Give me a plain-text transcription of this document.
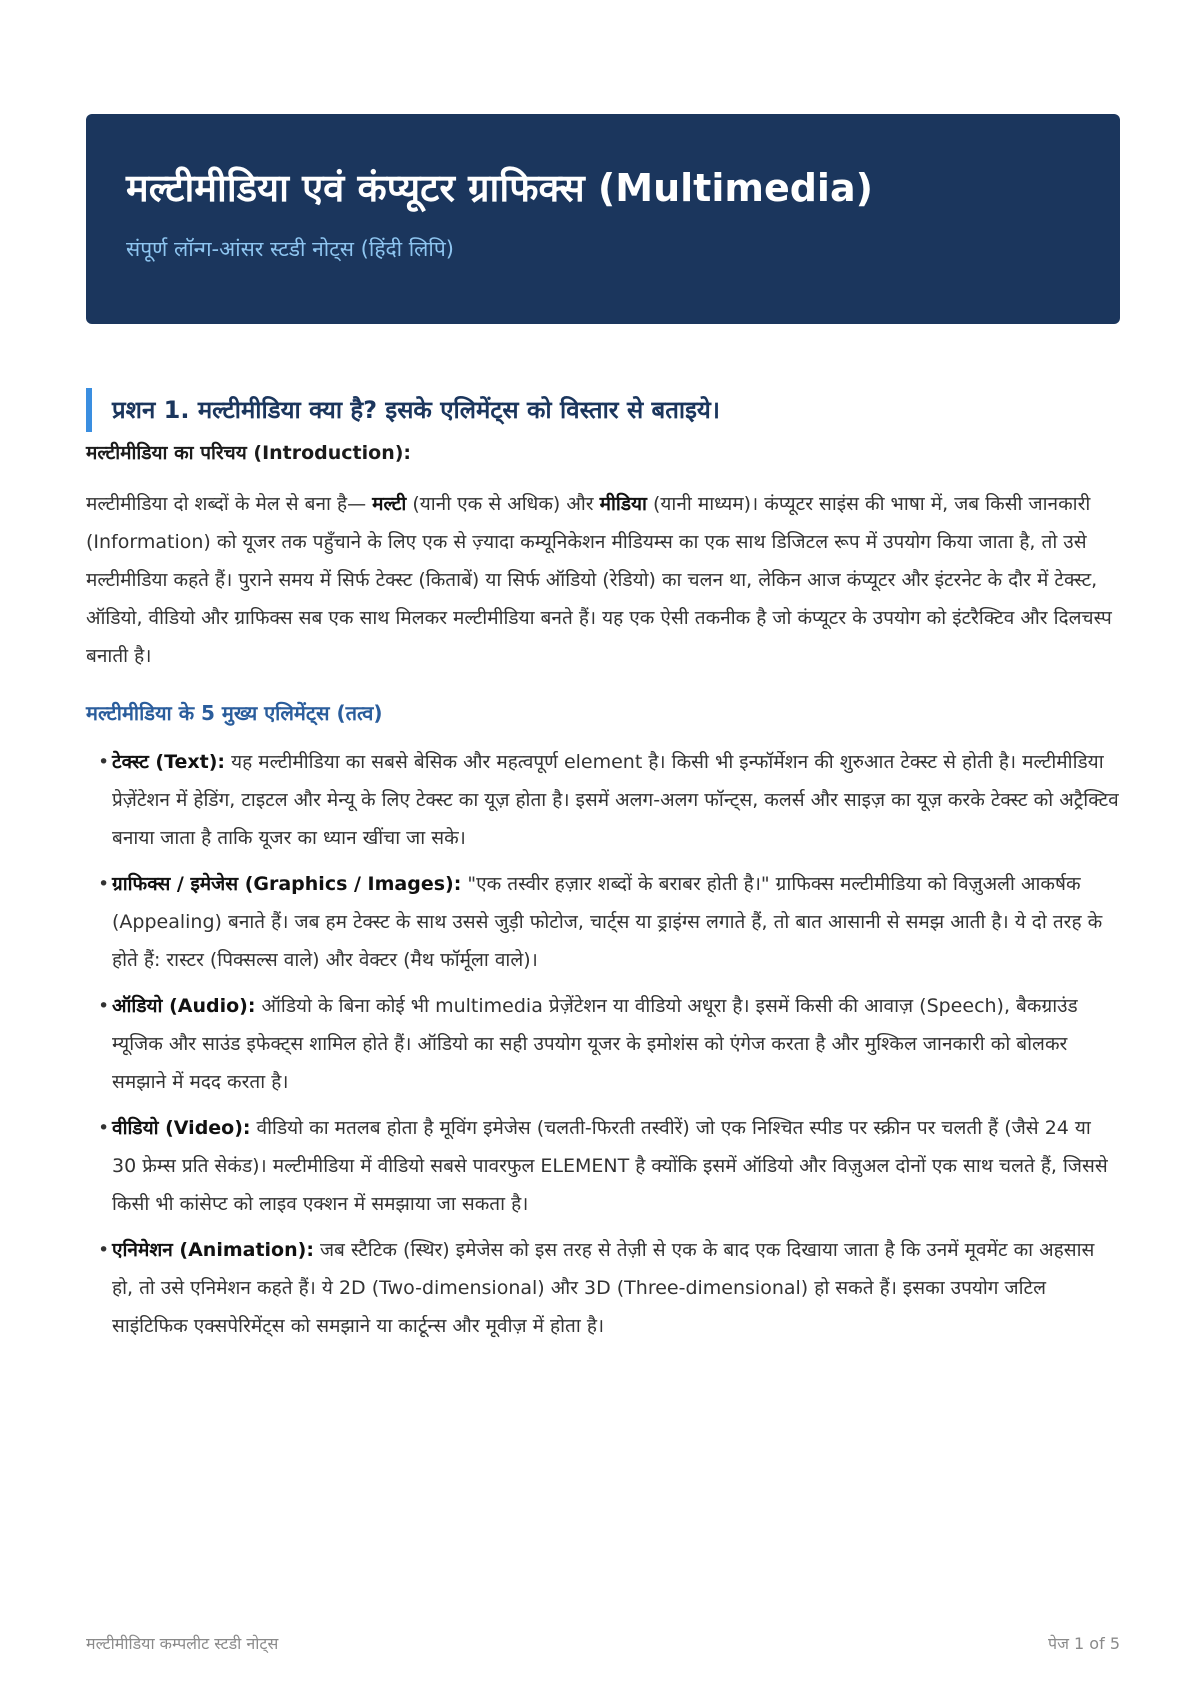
मल्टीमीडिया एवं कंप्यूटर ग्राफिक्स (Multimedia)

संपूर्ण लॉन्ग-आंसर स्टडी नोट्स (हिंदी लिपि)

प्रशन 1. मल्टीमीडिया क्या है? इसके एलिमेंट्स को विस्तार से बताइये।
मल्टीमीडिया का परिचय (Introduction):

मल्टीमीडिया दो शब्दों के मेल से बना है— मल्टी (यानी एक से अधिक) और मीडिया (यानी माध्यम)। कंप्यूटर साइंस की भाषा में, जब किसी जानकारी (Information) को यूजर तक पहुँचाने के लिए एक से ज़्यादा कम्यूनिकेशन मीडियम्स का एक साथ डिजिटल रूप में उपयोग किया जाता है, तो उसे मल्टीमीडिया कहते हैं। पुराने समय में सिर्फ टेक्स्ट (किताबें) या सिर्फ ऑडियो (रेडियो) का चलन था, लेकिन आज कंप्यूटर और इंटरनेट के दौर में टेक्स्ट, ऑडियो, वीडियो और ग्राफिक्स सब एक साथ मिलकर मल्टीमीडिया बनते हैं। यह एक ऐसी तकनीक है जो कंप्यूटर के उपयोग को इंटरैक्टिव और दिलचस्प बनाती है।

मल्टीमीडिया के 5 मुख्य एलिमेंट्स (तत्व)
• टेक्स्ट (Text): यह मल्टीमीडिया का सबसे बेसिक और महत्वपूर्ण element है। किसी भी इन्फॉर्मेशन की शुरुआत टेक्स्ट से होती है। मल्टीमीडिया प्रेज़ेंटेशन में हेडिंग, टाइटल और मेन्यू के लिए टेक्स्ट का यूज़ होता है। इसमें अलग-अलग फॉन्ट्स, कलर्स और साइज़ का यूज़ करके टेक्स्ट को अट्रैक्टिव बनाया जाता है ताकि यूजर का ध्यान खींचा जा सके।
• ग्राफिक्स / इमेजेस (Graphics / Images): "एक तस्वीर हज़ार शब्दों के बराबर होती है।" ग्राफिक्स मल्टीमीडिया को विज़ुअली आकर्षक (Appealing) बनाते हैं। जब हम टेक्स्ट के साथ उससे जुड़ी फोटोज, चार्ट्स या ड्राइंग्स लगाते हैं, तो बात आसानी से समझ आती है। ये दो तरह के होते हैं: रास्टर (पिक्सल्स वाले) और वेक्टर (मैथ फॉर्मूला वाले)।
• ऑडियो (Audio): ऑडियो के बिना कोई भी multimedia प्रेज़ेंटेशन या वीडियो अधूरा है। इसमें किसी की आवाज़ (Speech), बैकग्राउंड म्यूजिक और साउंड इफेक्ट्स शामिल होते हैं। ऑडियो का सही उपयोग यूजर के इमोशंस को एंगेज करता है और मुश्किल जानकारी को बोलकर समझाने में मदद करता है।
• वीडियो (Video): वीडियो का मतलब होता है मूविंग इमेजेस (चलती-फिरती तस्वीरें) जो एक निश्चित स्पीड पर स्क्रीन पर चलती हैं (जैसे 24 या 30 फ्रेम्स प्रति सेकंड)। मल्टीमीडिया में वीडियो सबसे पावरफुल ELEMENT है क्योंकि इसमें ऑडियो और विज़ुअल दोनों एक साथ चलते हैं, जिससे किसी भी कांसेप्ट को लाइव एक्शन में समझाया जा सकता है।
• एनिमेशन (Animation): जब स्टैटिक (स्थिर) इमेजेस को इस तरह से तेज़ी से एक के बाद एक दिखाया जाता है कि उनमें मूवमेंट का अहसास हो, तो उसे एनिमेशन कहते हैं। ये 2D (Two-dimensional) और 3D (Three-dimensional) हो सकते हैं। इसका उपयोग जटिल साइंटिफिक एक्सपेरिमेंट्स को समझाने या कार्टून्स और मूवीज़ में होता है।
मल्टीमीडिया कम्पलीट स्टडी नोट्स	पेज 1 of 5
